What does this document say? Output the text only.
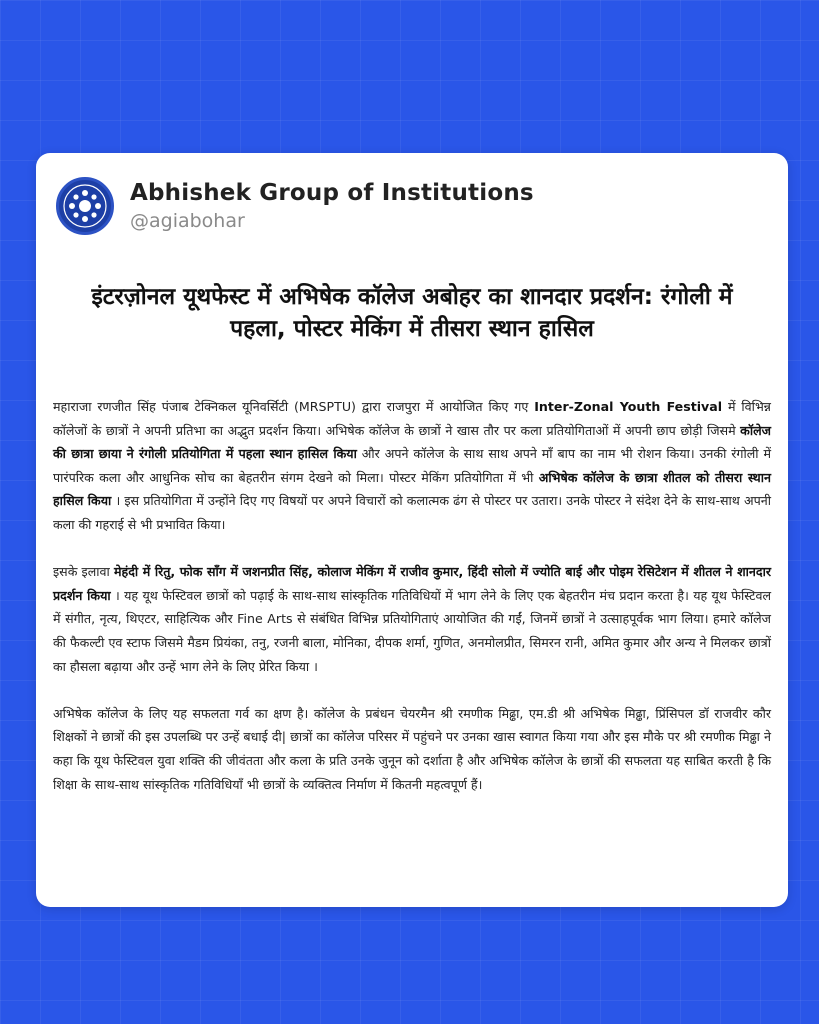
Abhishek Group of Institutions
@agiabohar
इंटरज़ोनल यूथफेस्ट में अभिषेक कॉलेज अबोहर का शानदार प्रदर्शन: रंगोली में पहला, पोस्टर मेकिंग में तीसरा स्थान हासिल

महाराजा रणजीत सिंह पंजाब टेक्निकल यूनिवर्सिटी (MRSPTU) द्वारा राजपुरा में आयोजित किए गए Inter-Zonal Youth Festival में विभिन्न कॉलेजों के छात्रों ने अपनी प्रतिभा का अद्भुत प्रदर्शन किया। अभिषेक कॉलेज के छात्रों ने खास तौर पर कला प्रतियोगिताओं में अपनी छाप छोड़ी जिसमे कॉलेज की छात्रा छाया ने रंगोली प्रतियोगिता में पहला स्थान हासिल किया और अपने कॉलेज के साथ साथ अपने माँ बाप का नाम भी रोशन किया। उनकी रंगोली में पारंपरिक कला और आधुनिक सोच का बेहतरीन संगम देखने को मिला। पोस्टर मेकिंग प्रतियोगिता में भी अभिषेक कॉलेज के छात्रा शीतल को तीसरा स्थान हासिल किया । इस प्रतियोगिता में उन्होंने दिए गए विषयों पर अपने विचारों को कलात्मक ढंग से पोस्टर पर उतारा। उनके पोस्टर ने संदेश देने के साथ-साथ अपनी कला की गहराई से भी प्रभावित किया।

इसके इलावा मेहंदी में रितु, फोक सॉंग में जशनप्रीत सिंह, कोलाज मेकिंग में राजीव कुमार, हिंदी सोलो में ज्योति बाई और पोइम रेसिटेशन में शीतल ने शानदार प्रदर्शन किया । यह यूथ फेस्टिवल छात्रों को पढ़ाई के साथ-साथ सांस्कृतिक गतिविधियों में भाग लेने के लिए एक बेहतरीन मंच प्रदान करता है। यह यूथ फेस्टिवल में संगीत, नृत्य, थिएटर, साहित्यिक और Fine Arts से संबंधित विभिन्न प्रतियोगिताएं आयोजित की गईं, जिनमें छात्रों ने उत्साहपूर्वक भाग लिया। हमारे कॉलेज की फैकल्टी एव स्टाफ जिसमे मैडम प्रियंका, तनु, रजनी बाला, मोनिका, दीपक शर्मा, गुणित, अनमोलप्रीत, सिमरन रानी, अमित कुमार और अन्य ने मिलकर छात्रों का हौसला बढ़ाया और उन्हें भाग लेने के लिए प्रेरित किया ।

अभिषेक कॉलेज के लिए यह सफलता गर्व का क्षण है। कॉलेज के प्रबंधन चेयरमैन श्री रमणीक मिढ्ढा, एम.डी श्री अभिषेक मिढ्ढा, प्रिंसिपल डॉ राजवीर कौर शिक्षकों ने छात्रों की इस उपलब्धि पर उन्हें बधाई दी| छात्रों का कॉलेज परिसर में पहुंचने पर उनका खास स्वागत किया गया और इस मौके पर श्री रमणीक मिढ्ढा ने कहा कि यूथ फेस्टिवल युवा शक्ति की जीवंतता और कला के प्रति उनके जुनून को दर्शाता है और अभिषेक कॉलेज के छात्रों की सफलता यह साबित करती है कि शिक्षा के साथ-साथ सांस्कृतिक गतिविधियाँ भी छात्रों के व्यक्तित्व निर्माण में कितनी महत्वपूर्ण हैं।
